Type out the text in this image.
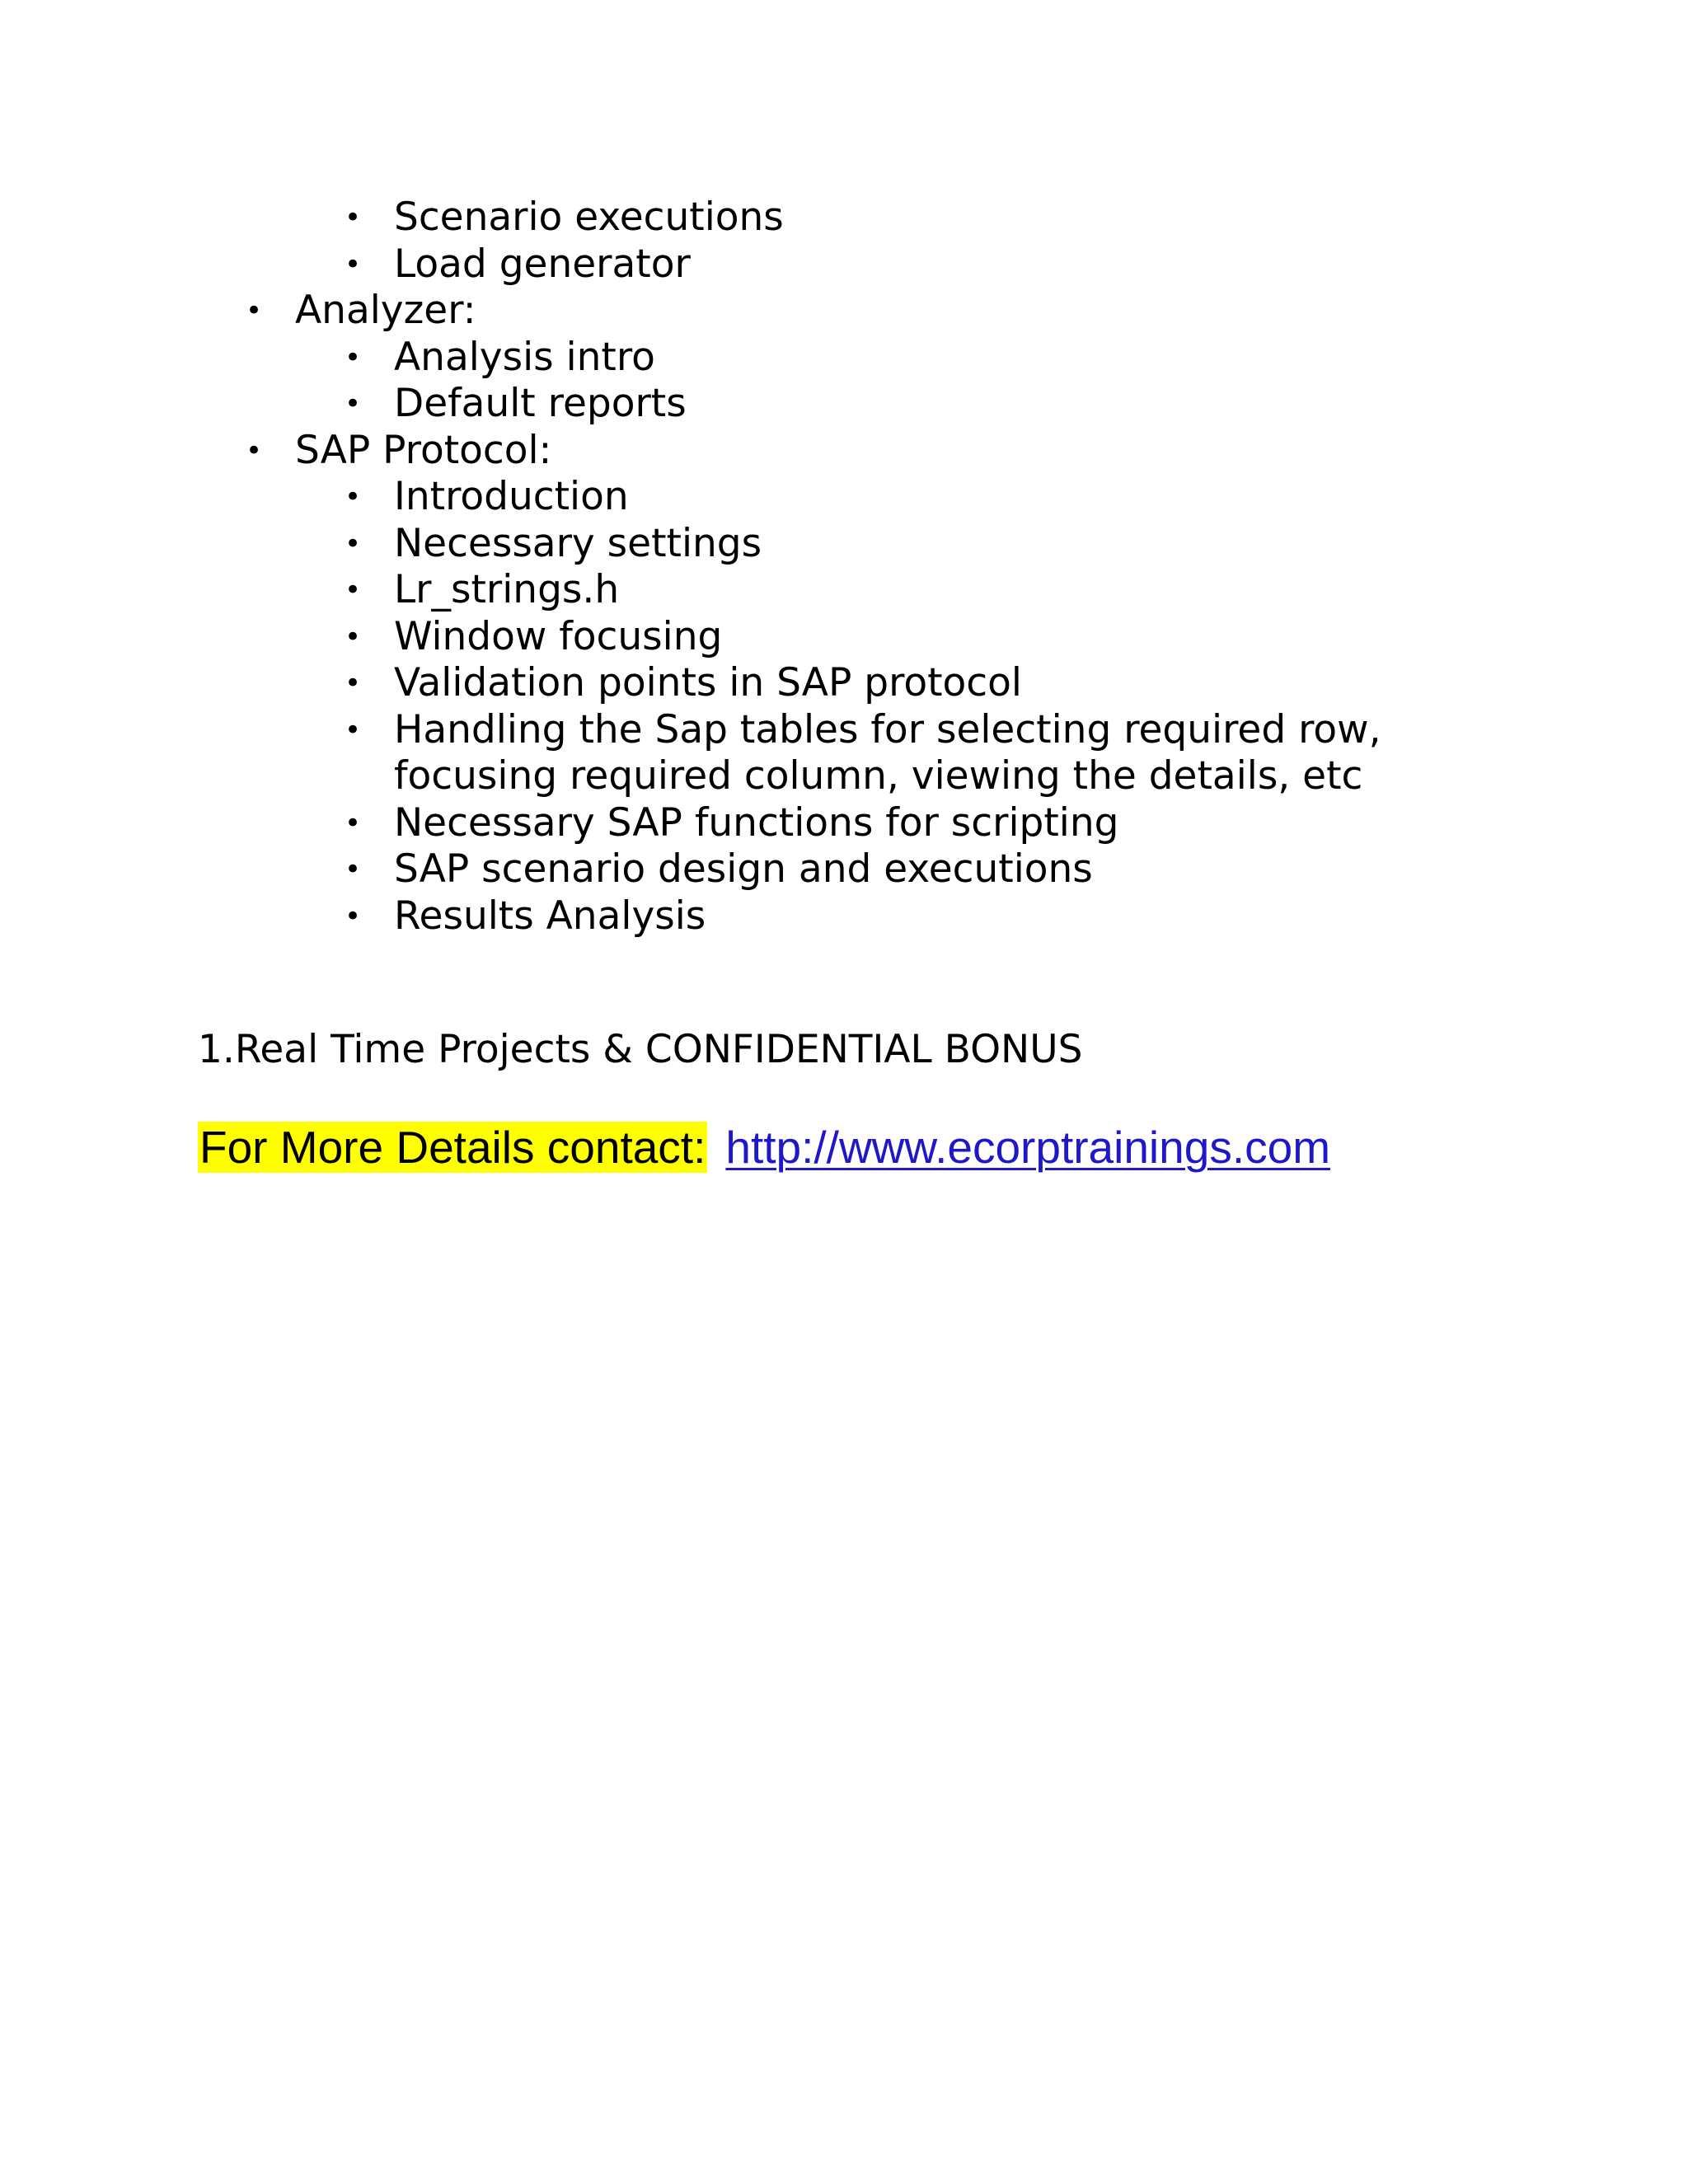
• Scenario executions
• Load generator
• Analyzer:
• Analysis intro
• Default reports
• SAP Protocol:
• Introduction
• Necessary settings
• Lr_strings.h
• Window focusing
• Validation points in SAP protocol
• Handling the Sap tables for selecting required row, focusing required column, viewing the details, etc
• Necessary SAP functions for scripting
• SAP scenario design and executions
• Results Analysis
1.Real Time Projects & CONFIDENTIAL BONUS
For More Details contact: http://www.ecorptrainings.com
